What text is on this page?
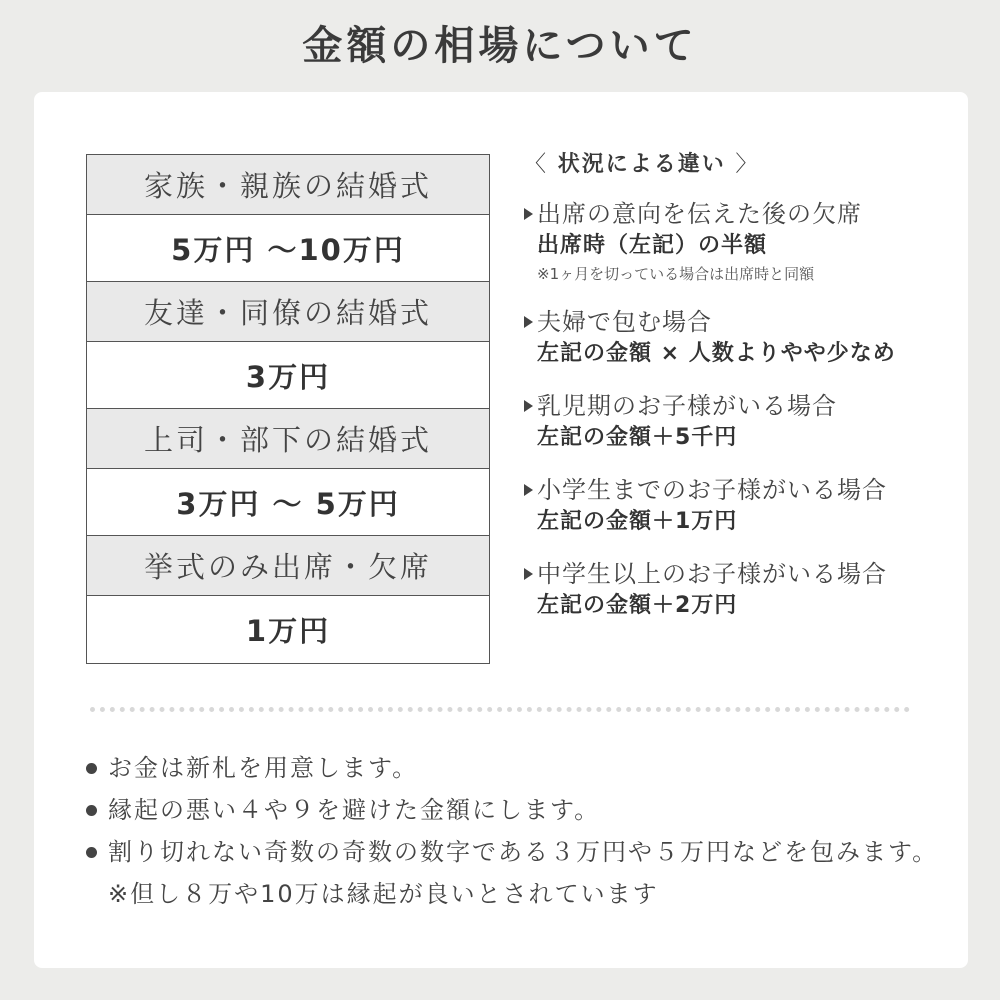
金額の相場について
家族・親族の結婚式
5万円 〜10万円
友達・同僚の結婚式
3万円
上司・部下の結婚式
3万円 〜 5万円
挙式のみ出席・欠席
1万円
〈 状況による違い 〉
出席の意向を伝えた後の欠席
出席時（左記）の半額
※1ヶ月を切っている場合は出席時と同額
夫婦で包む場合
左記の金額 × 人数よりやや少なめ
乳児期のお子様がいる場合
左記の金額＋5千円
小学生までのお子様がいる場合
左記の金額＋1万円
中学生以上のお子様がいる場合
左記の金額＋2万円
お金は新札を用意します。
縁起の悪い４や９を避けた金額にします。
割り切れない奇数の奇数の数字である３万円や５万円などを包みます。※但し８万や10万は縁起が良いとされています
